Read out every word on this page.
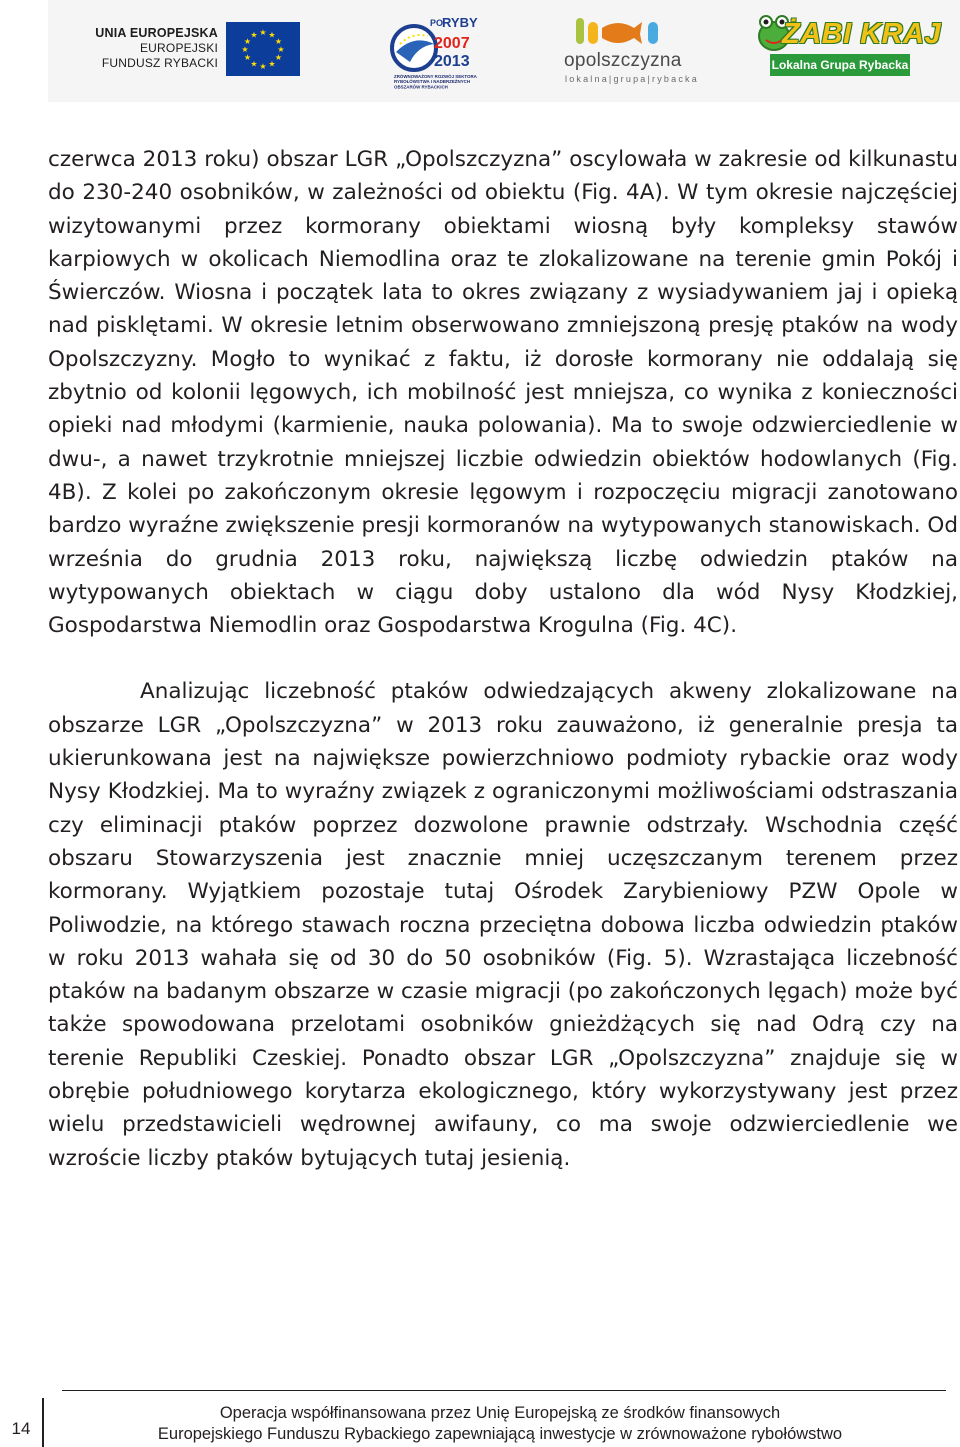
UNIA EUROPEJSKA
EUROPEJSKI
FUNDUSZ RYBACKI
★ ★
★
★
★
★
★
★
★
★
★
★
PO
RYBY
2007
2013
ZRÓWNOWAŻONY ROZWÓJ SEKTORA RYBOŁÓWSTWA I NADBRZEŻNYCH OBSZARÓW RYBACKICH
opolszczyzna
lokalna|grupa|rybacka
ŻABI KRAJ
Lokalna Grupa Rybacka

czerwca 2013 roku) obszar LGR „Opolszczyzna” oscylowała w zakresie od kilkunastu do 230-240 osobników, w zależności od obiektu (Fig. 4A). W tym okresie najczęściej wizytowanymi przez kormorany obiektami wiosną były kompleksy stawów karpiowych w okolicach Niemodlina oraz te zlokalizowane na terenie gmin Pokój i Świerczów. Wiosna i początek lata to okres związany z wysiadywaniem jaj i opieką nad pisklętami. W okresie letnim obserwowano zmniejszoną presję ptaków na wody Opolszczyzny. Mogło to wynikać z faktu, iż dorosłe kormorany nie oddalają się zbytnio od kolonii lęgowych, ich mobilność jest mniejsza, co wynika z konieczności opieki nad młodymi (karmienie, nauka polowania). Ma to swoje odzwierciedlenie w dwu-, a nawet trzykrotnie mniejszej liczbie odwiedzin obiektów hodowlanych (Fig. 4B). Z kolei po zakończonym okresie lęgowym i rozpoczęciu migracji zanotowano bardzo wyraźne zwiększenie presji kormoranów na wytypowanych stanowiskach. Od września do grudnia 2013 roku, największą liczbę odwiedzin ptaków na wytypowanych obiektach w ciągu doby ustalono dla wód Nysy Kłodzkiej, Gospodarstwa Niemodlin oraz Gospodarstwa Krogulna (Fig. 4C).

Analizując liczebność ptaków odwiedzających akweny zlokalizowane na obszarze LGR „Opolszczyzna” w 2013 roku zauważono, iż generalnie presja ta ukierunkowana jest na największe powierzchniowo podmioty rybackie oraz wody Nysy Kłodzkiej. Ma to wyraźny związek z ograniczonymi możliwościami odstraszania czy eliminacji ptaków poprzez dozwolone prawnie odstrzały. Wschodnia część obszaru Stowarzyszenia jest znacznie mniej uczęszczanym terenem przez kormorany. Wyjątkiem pozostaje tutaj Ośrodek Zarybieniowy PZW Opole w Poliwodzie, na którego stawach roczna przeciętna dobowa liczba odwiedzin ptaków w roku 2013 wahała się od 30 do 50 osobników (Fig. 5). Wzrastająca liczebność ptaków na badanym obszarze w czasie migracji (po zakończonych lęgach) może być także spowodowana przelotami osobników gnieżdżących się nad Odrą czy na terenie Republiki Czeskiej. Ponadto obszar LGR „Opolszczyzna” znajduje się w obrębie południowego korytarza ekologicznego, który wykorzystywany jest przez wielu przedstawicieli wędrownej awifauny, co ma swoje odzwierciedlenie we wzroście liczby ptaków bytujących tutaj jesienią.

14
Operacja współfinansowana przez Unię Europejską ze środków finansowych
Europejskiego Funduszu Rybackiego zapewniającą inwestycje w zrównoważone rybołówstwo
